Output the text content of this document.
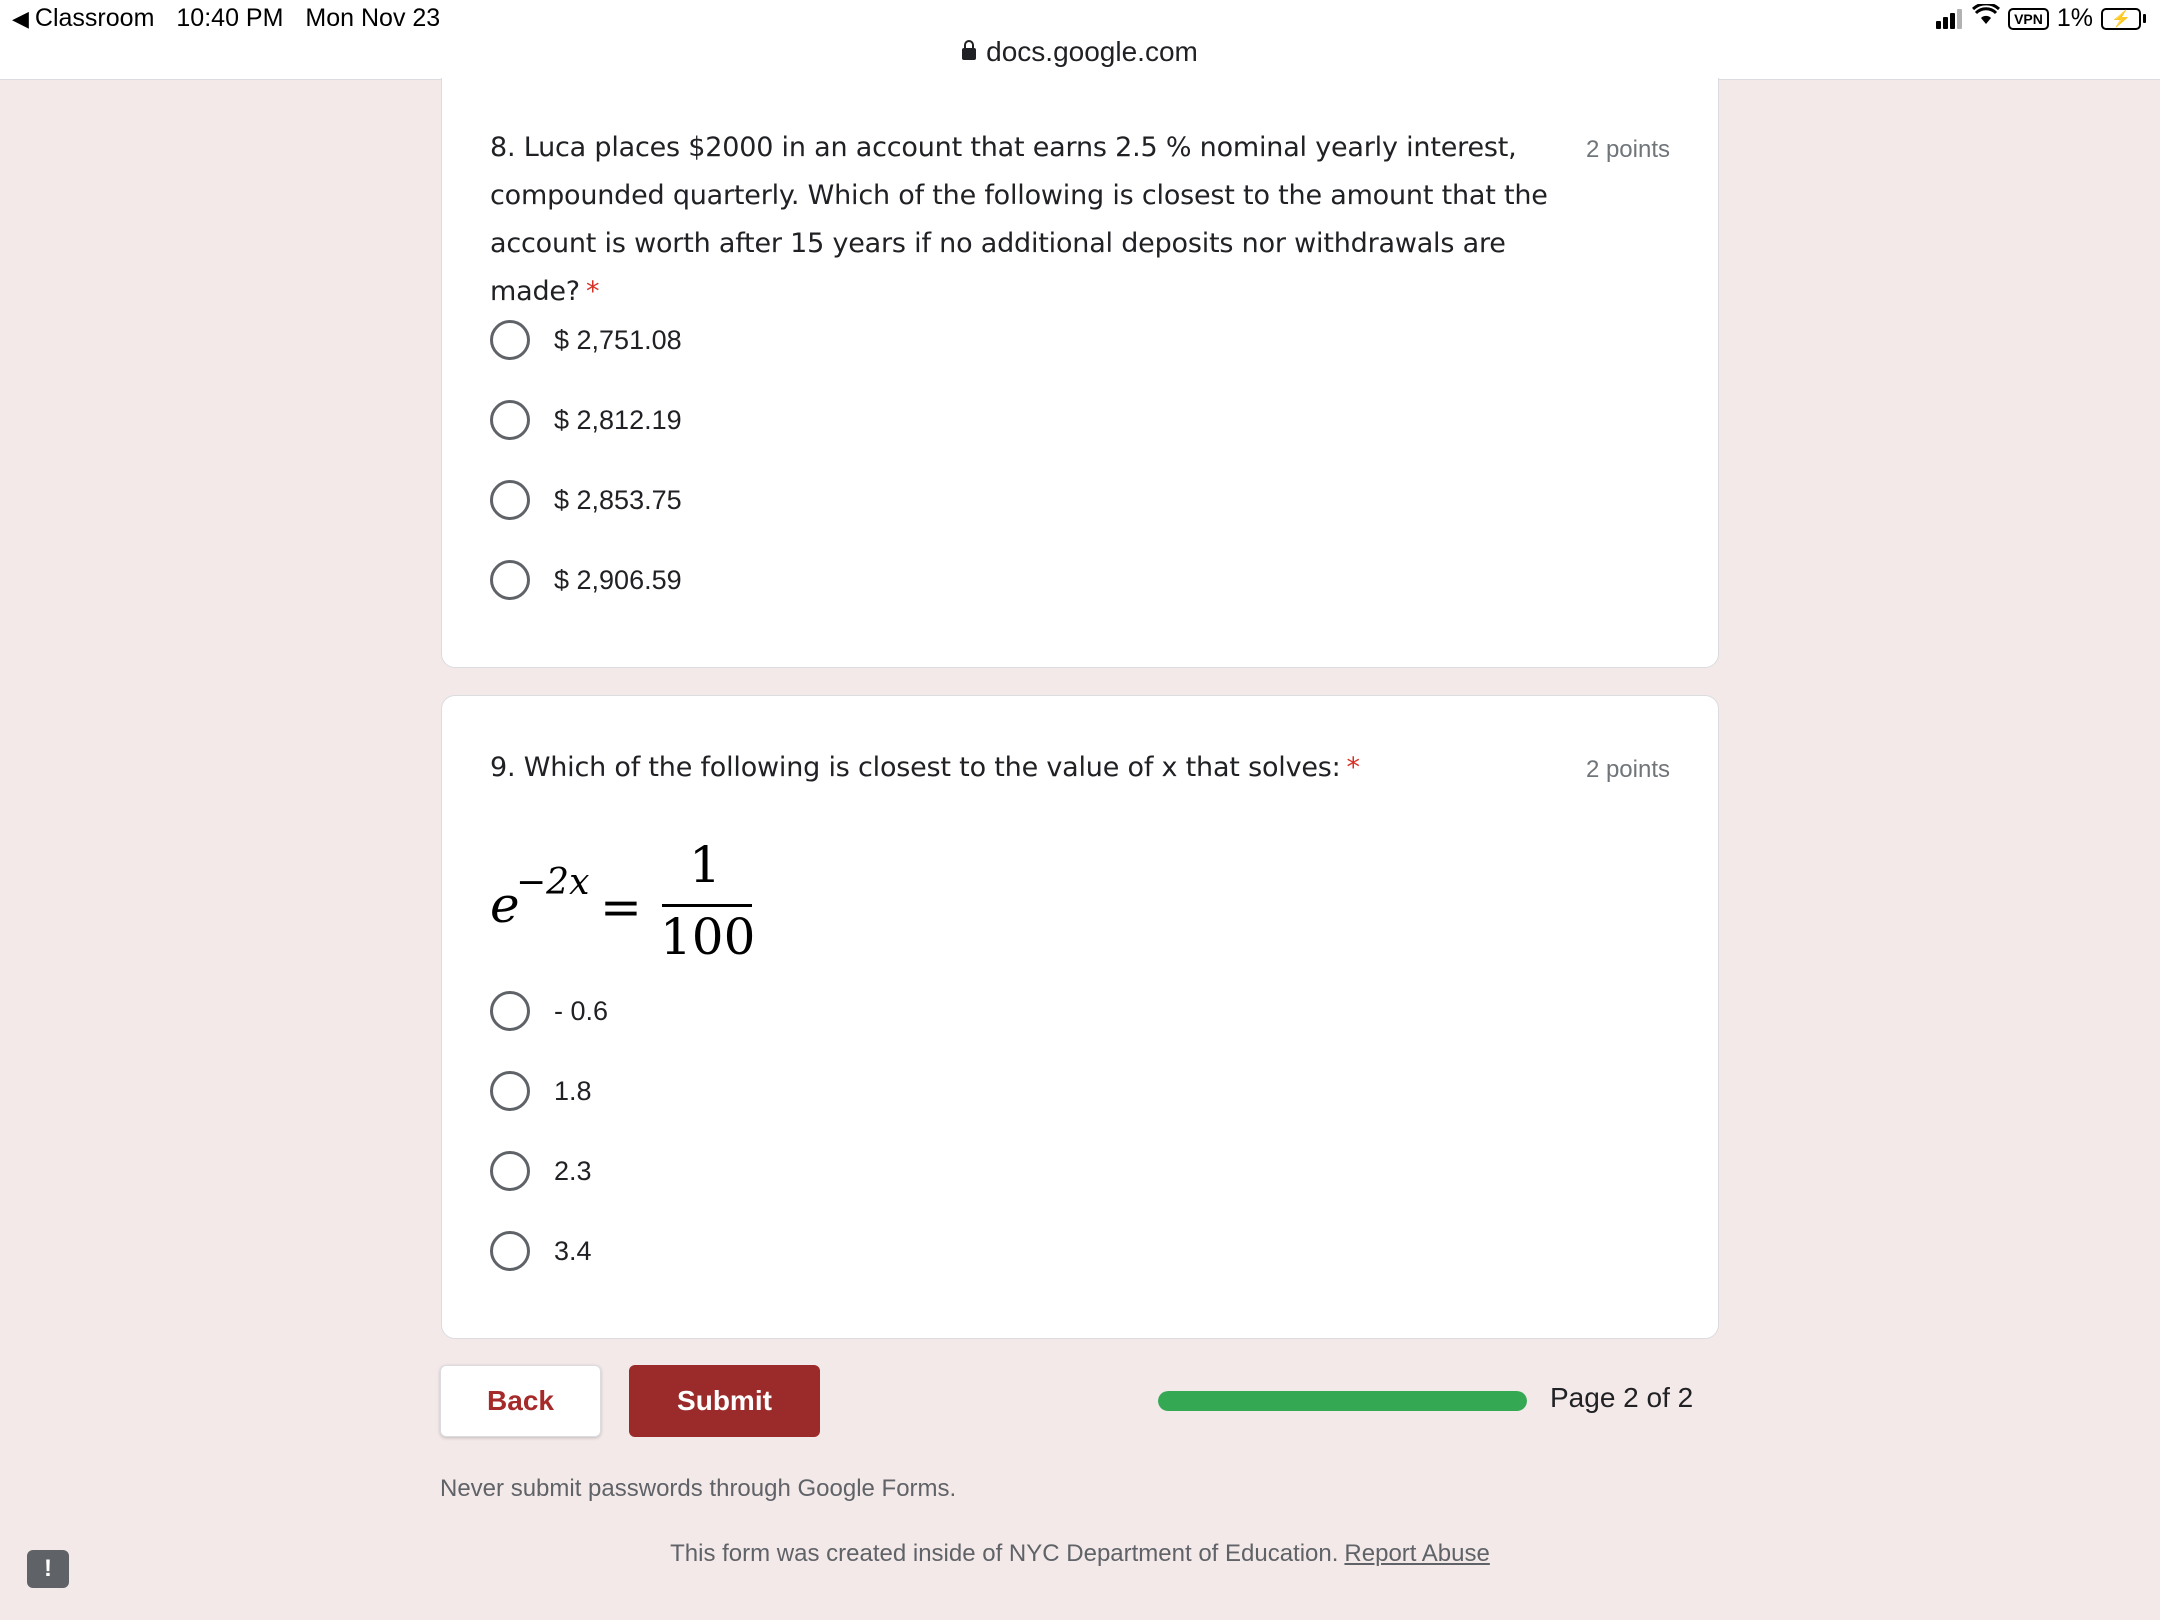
◀ Classroom 10:40 PM Mon Nov 23	VPN 1%	⚡
docs.google.com
8. Luca places $2000 in an account that earns 2.5 % nominal yearly interest, compounded quarterly. Which of the following is closest to the amount that the account is worth after 15 years if no additional deposits nor withdrawals are made? *
2 points
$ 2,751.08
$ 2,812.19
$ 2,853.75
$ 2,906.59
9. Which of the following is closest to the value of x that solves: *	2 points
e
−2x =
1
100
- 0.6
1.8
2.3
3.4
Back	Submit	Page 2 of 2
Never submit passwords through Google Forms.
This form was created inside of NYC Department of Education. Report Abuse
!
